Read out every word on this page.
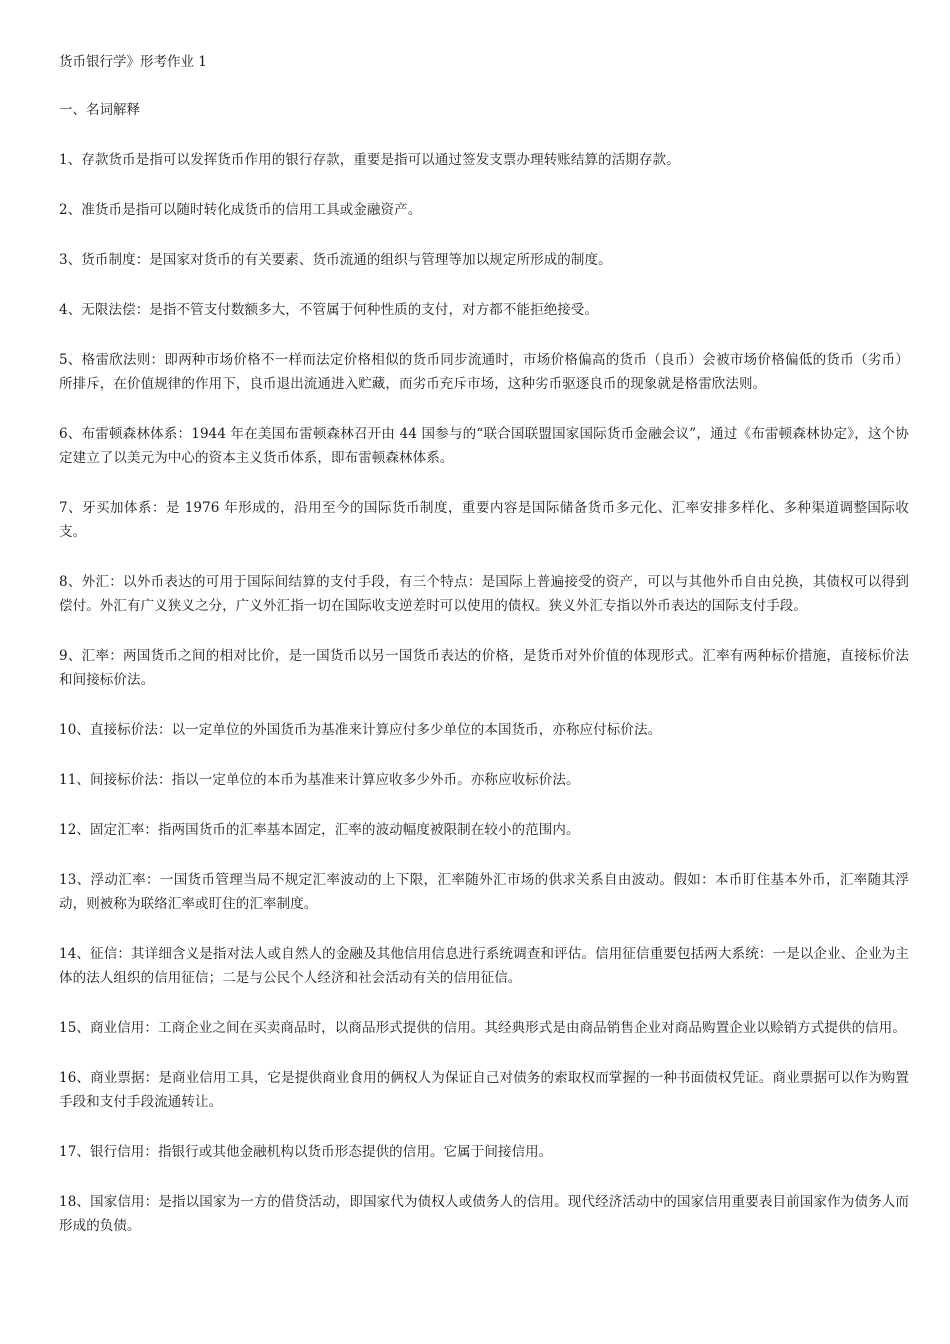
货币银行学》形考作业 1
一、名词解释

1、存款货币是指可以发挥货币作用的银行存款，重要是指可以通过签发支票办理转账结算的活期存款。

2、准货币是指可以随时转化成货币的信用工具或金融资产。

3、货币制度：是国家对货币的有关要素、货币流通的组织与管理等加以规定所形成的制度。

4、无限法偿：是指不管支付数额多大，不管属于何种性质的支付，对方都不能拒绝接受。

5、格雷欣法则：即两种市场价格不一样而法定价格相似的货币同步流通时，市场价格偏高的货币（良币）会被市场价格偏低的货币（劣币）所排斥，在价值规律的作用下，良币退出流通进入贮藏，而劣币充斥市场，这种劣币驱逐良币的现象就是格雷欣法则。

6、布雷顿森林体系：1944 年在美国布雷顿森林召开由 44 国参与的“联合国联盟国家国际货币金融会议”，通过《布雷顿森林协定》，这个协定建立了以美元为中心的资本主义货币体系，即布雷顿森林体系。

7、牙买加体系：是 1976 年形成的，沿用至今的国际货币制度，重要内容是国际储备货币多元化、汇率安排多样化、多种渠道调整国际收支。

8、外汇：以外币表达的可用于国际间结算的支付手段，有三个特点：是国际上普遍接受的资产，可以与其他外币自由兑换，其债权可以得到偿付。外汇有广义狭义之分，广义外汇指一切在国际收支逆差时可以使用的债权。狭义外汇专指以外币表达的国际支付手段。

9、汇率：两国货币之间的相对比价，是一国货币以另一国货币表达的价格，是货币对外价值的体现形式。汇率有两种标价措施，直接标价法和间接标价法。

10、直接标价法：以一定单位的外国货币为基准来计算应付多少单位的本国货币，亦称应付标价法。

11、间接标价法：指以一定单位的本币为基准来计算应收多少外币。亦称应收标价法。

12、固定汇率：指两国货币的汇率基本固定，汇率的波动幅度被限制在较小的范围内。

13、浮动汇率：一国货币管理当局不规定汇率波动的上下限，汇率随外汇市场的供求关系自由波动。假如：本币盯住基本外币，汇率随其浮动，则被称为联络汇率或盯住的汇率制度。

14、征信：其详细含义是指对法人或自然人的金融及其他信用信息进行系统调查和评估。信用征信重要包括两大系统：一是以企业、企业为主体的法人组织的信用征信；二是与公民个人经济和社会活动有关的信用征信。

15、商业信用：工商企业之间在买卖商品时，以商品形式提供的信用。其经典形式是由商品销售企业对商品购置企业以赊销方式提供的信用。

16、商业票据：是商业信用工具，它是提供商业食用的俩权人为保证自己对债务的索取权而掌握的一种书面债权凭证。商业票据可以作为购置手段和支付手段流通转让。

17、银行信用：指银行或其他金融机构以货币形态提供的信用。它属于间接信用。

18、国家信用：是指以国家为一方的借贷活动，即国家代为债权人或债务人的信用。现代经济活动中的国家信用重要表目前国家作为债务人而形成的负债。
